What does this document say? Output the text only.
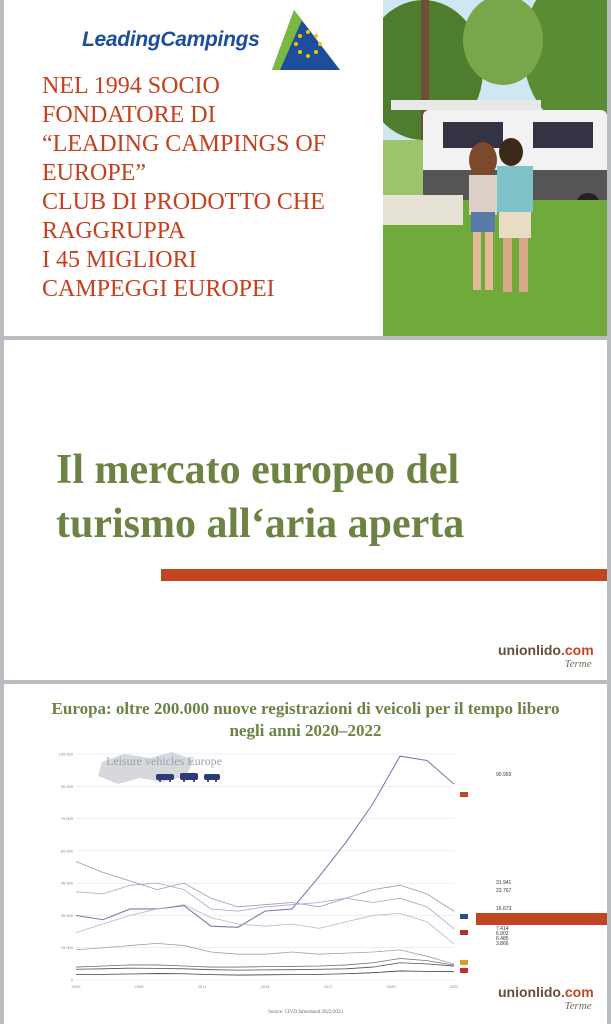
LeadingCampings
NEL 1994 SOCIO
FONDATORE DI
“LEADING CAMPINGS OF
EUROPE”
CLUB DI PRODOTTO CHE
RAGGRUPPA
I 45 MIGLIORI
CAMPEGGI EUROPEI
Il mercato europeo del
turismo all‘aria aperta
unionlido.com
Terme
Europa: oltre 200.000 nuove registrazioni di veicoli per il tempo libero
negli anni 2020–2022
0
15.000
30.000
45.000
60.000
75.000
90.000
105.000
2005	2008	2011	2014	2017	2020	2022
Leisure vehicles Europe
90.993
31.941
23.767
16.673
7.414
6.902
6.485
3.866
unionlido.com
Terme
Source: CIVD Jahresband 2022/2023
